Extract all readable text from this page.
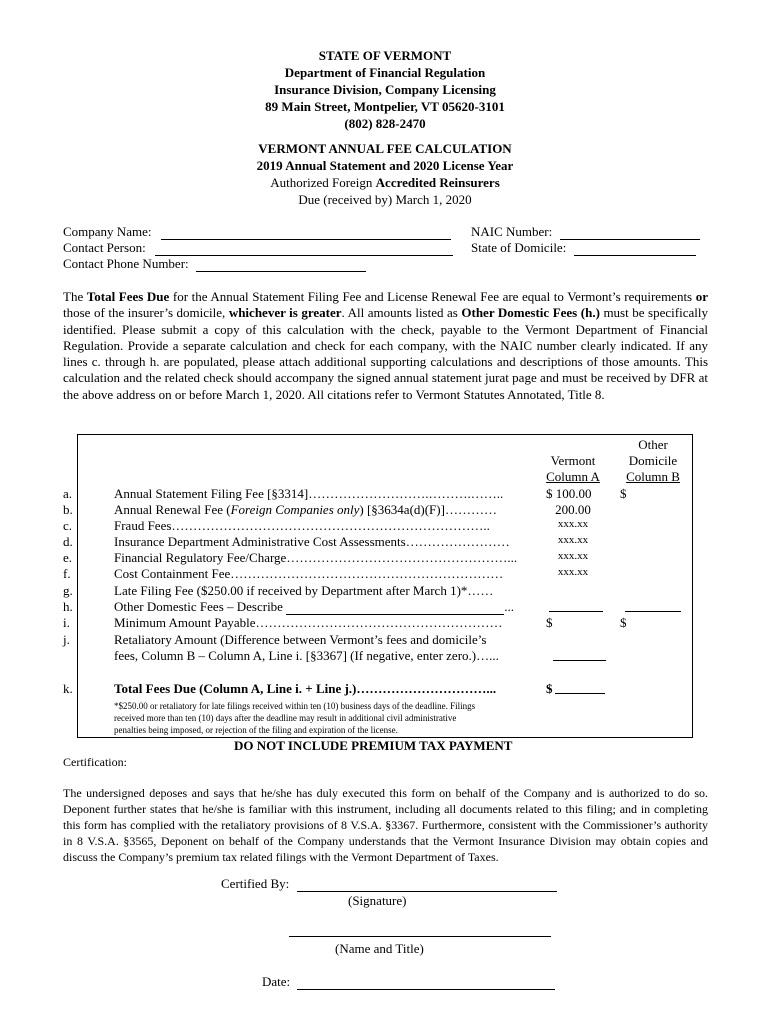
STATE OF VERMONT
Department of Financial Regulation
Insurance Division, Company Licensing
89 Main Street, Montpelier, VT 05620-3101
(802) 828-2470
VERMONT ANNUAL FEE CALCULATION
2019 Annual Statement and 2020 License Year
Authorized Foreign Accredited Reinsurers
Due (received by) March 1, 2020
Company Name:	NAIC Number:
Contact Person:	State of Domicile:
Contact Phone Number:
The Total Fees Due for the Annual Statement Filing Fee and License Renewal Fee are equal to Vermont’s requirements or those of the insurer’s domicile, whichever is greater. All amounts listed as Other Domestic Fees (h.) must be specifically identified. Please submit a copy of this calculation with the check, payable to the Vermont Department of Financial Regulation. Provide a separate calculation and check for each company, with the NAIC number clearly indicated. If any lines c. through h. are populated, please attach additional supporting calculations and descriptions of those amounts. This calculation and the related check should accompany the signed annual statement jurat page and must be received by DFR at the above address on or before March 1, 2020. All citations refer to Vermont Statutes Annotated, Title 8.
Other
Vermont	Domicile
Column A	Column B
a.	Annual Statement Filing Fee [§3314]……………………….……….……..	$ 100.00 $
b.	Annual Renewal Fee (Foreign Companies only) [§3634a(d)(F)]…………	200.00
c.	Fraud Fees………………………………………………………………..	xxx.xx
d.	Insurance Department Administrative Cost Assessments……………………	xxx.xx
e.	Financial Regulatory Fee/Charge……………………………………………...	xxx.xx
f.	Cost Containment Fee………………………………………………………	xxx.xx
g.	Late Filing Fee ($250.00 if received by Department after March 1)*……
h.	Other Domestic Fees – Describe	...
i.	Minimum Amount Payable…………………………………………………	$	$
j.	Retaliatory Amount (Difference between Vermont’s fees and domicile’s
fees, Column B – Column A, Line i. [§3367] (If negative, enter zero.)…...
k.	Total Fees Due (Column A, Line i. + Line j.)…………………………...	$
*$250.00 or retaliatory for late filings received within ten (10) business days of the deadline. Filings
received more than ten (10) days after the deadline may result in additional civil administrative
penalties being imposed, or rejection of the filing and expiration of the license.
DO NOT INCLUDE PREMIUM TAX PAYMENT
Certification:
The undersigned deposes and says that he/she has duly executed this form on behalf of the Company and is authorized to do so. Deponent further states that he/she is familiar with this instrument, including all documents related to this filing; and in completing this form has complied with the retaliatory provisions of 8 V.S.A. §3367. Furthermore, consistent with the Commissioner’s authority in 8 V.S.A. §3565, Deponent on behalf of the Company understands that the Vermont Insurance Division may obtain copies and discuss the Company’s premium tax related filings with the Vermont Department of Taxes.
Certified By:
(Signature)
(Name and Title)
Date:
